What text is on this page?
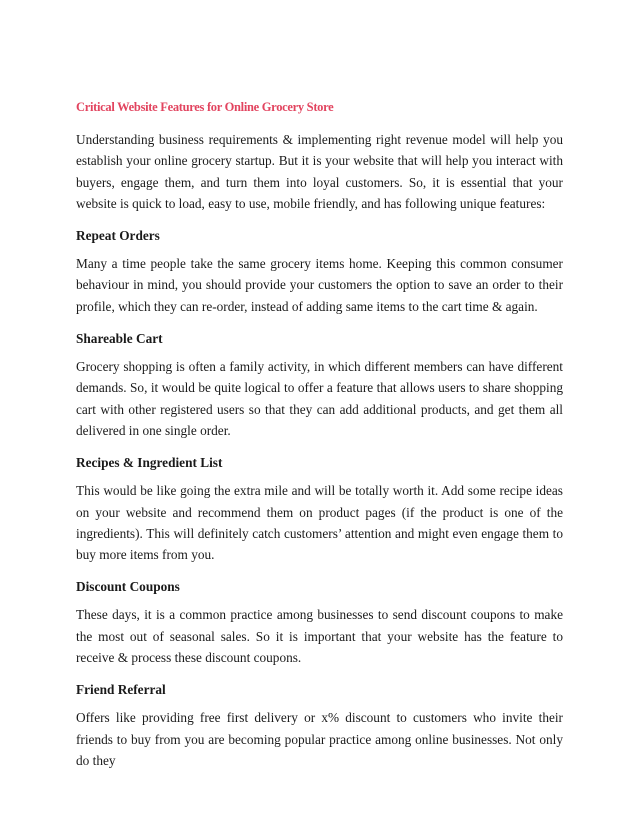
Critical Website Features for Online Grocery Store

Understanding business requirements & implementing right revenue model will help you establish your online grocery startup. But it is your website that will help you interact with buyers, engage them, and turn them into loyal customers. So, it is essential that your website is quick to load, easy to use, mobile friendly, and has following unique features:

Repeat Orders

Many a time people take the same grocery items home. Keeping this common consumer behaviour in mind, you should provide your customers the option to save an order to their profile, which they can re-order, instead of adding same items to the cart time & again.

Shareable Cart

Grocery shopping is often a family activity, in which different members can have different demands. So, it would be quite logical to offer a feature that allows users to share shopping cart with other registered users so that they can add additional products, and get them all delivered in one single order.

Recipes & Ingredient List

This would be like going the extra mile and will be totally worth it. Add some recipe ideas on your website and recommend them on product pages (if the product is one of the ingredients). This will definitely catch customers’ attention and might even engage them to buy more items from you.

Discount Coupons

These days, it is a common practice among businesses to send discount coupons to make the most out of seasonal sales. So it is important that your website has the feature to receive & process these discount coupons.

Friend Referral

Offers like providing free first delivery or x% discount to customers who invite their friends to buy from you are becoming popular practice among online businesses. Not only do they
